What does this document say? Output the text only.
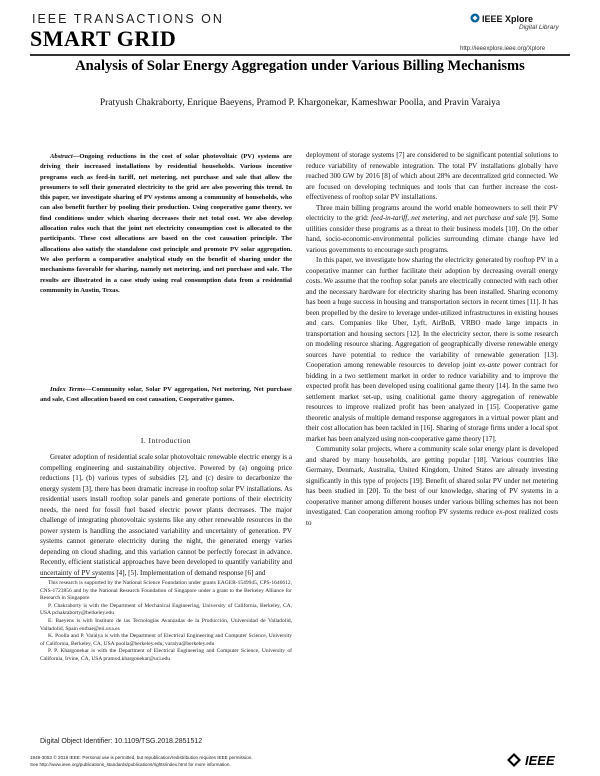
IEEE TRANSACTIONS ON
SMART GRID
IEEE Xplore
Digital Library
http://ieeexplore.ieee.org/Xplore
Analysis of Solar Energy Aggregation under Various Billing Mechanisms
Pratyush Chakraborty, Enrique Baeyens, Pramod P. Khargonekar, Kameshwar Poolla, and Pravin Varaiya
Abstract—Ongoing reductions in the cost of solar photovoltaic (PV) systems are driving their increased installations by residential households. Various incentive programs such as feed-in tariff, net metering, net purchase and sale that allow the prosumers to sell their generated electricity to the grid are also powering this trend. In this paper, we investigate sharing of PV systems among a community of households, who can also benefit further by pooling their production. Using cooperative game theory, we find conditions under which sharing decreases their net total cost. We also develop allocation rules such that the joint net electricity consumption cost is allocated to the participants. These cost allocations are based on the cost causation principle. The allocations also satisfy the standalone cost principle and promote PV solar aggregation. We also perform a comparative analytical study on the benefit of sharing under the mechanisms favorable for sharing, namely net metering, and net purchase and sale. The results are illustrated in a case study using real consumption data from a residential community in Austin, Texas.
Index Terms—Community solar, Solar PV aggregation, Net metering, Net purchase and sale, Cost allocation based on cost causation, Cooperative games.
I. Introduction

Greater adoption of residential scale solar photovoltaic renewable electric energy is a compelling engineering and sustainability objective. Powered by (a) ongoing price reductions [1], (b) various types of subsidies [2], and (c) desire to decarbonize the energy system [3], there has been dramatic increase in rooftop solar PV installations. As residential users install rooftop solar panels and generate portions of their electricity needs, the need for fossil fuel based electric power plants decreases. The major challenge of integrating photovoltaic systems like any other renewable resources in the power system is handling the associated variability and uncertainty of generation. PV systems cannot generate electricity during the night, the generated energy varies depending on cloud shading, and this variation cannot be perfectly forecast in advance. Recently, efficient statistical approaches have been developed to quantify variability and uncertainty of PV systems [4], [5]. Implementation of demand response [6] and

This research is supported by the National Science Foundation under grants EAGER-1549945, CPS-1646612, CNS-1723856 and by the National Research Foundation of Singapore under a grant to the Berkeley Alliance for Research in Singapore

P. Chakraborty is with the Department of Mechanical Engineering, University of California, Berkeley, CA, USA pchakraborty@berkeley.edu

E. Baeyens is with Instituto de las Tecnologías Avanzadas de la Producción, Universidad de Valladolid, Valladolid, Spain enrbae@eii.uva.es

K. Poolla and P. Varaiya is with the Department of Electrical Engineering and Computer Science, University of California, Berkeley, CA, USA poolla@berkeley.edu, varaiya@berkeley.edu

P. P. Khargonekar is with the Department of Electrical Engineering and Computer Science, University of California, Irvine, CA, USA pramod.khargonekar@uci.edu

Digital Object Identifier: 10.1109/TSG.2018.2851512

deployment of storage systems [7] are considered to be significant potential solutions to reduce variability of renewable integration. The total PV installations globally have reached 300 GW by 2016 [8] of which about 28% are decentralized grid connected. We are focused on developing techniques and tools that can further increase the cost-effectiveness of rooftop solar PV installations.

Three main billing programs around the world enable homeowners to sell their PV electricity to the grid: feed-in-tariff, net metering, and net purchase and sale [9]. Some utilities consider these programs as a threat to their business models [10]. On the other hand, socio-economic-environmental policies surrounding climate change have led various governments to encourage such programs.

In this paper, we investigate how sharing the electricity generated by rooftop PV in a cooperative manner can further facilitate their adoption by decreasing overall energy costs. We assume that the rooftop solar panels are electrically connected with each other and the necessary hardware for electricity sharing has been installed. Sharing economy has been a huge success in housing and transportation sectors in recent times [11]. It has been propelled by the desire to leverage under-utilized infrastructures in existing houses and cars. Companies like Uber, Lyft, AirBnB, VRBO made large impacts in transportation and housing sectors [12]. In the electricity sector, there is some research on modeling resource sharing. Aggregation of geographically diverse renewable energy sources have potential to reduce the variability of renewable generation [13]. Cooperation among renewable resources to develop joint ex-ante power contract for bidding in a two settlement market in order to reduce variability and to improve the expected profit has been developed using coalitional game theory [14]. In the same two settlement market set-up, using coalitional game theory aggregation of renewable resources to improve realized profit has been analyzed in [15]. Cooperative game theoretic analysis of multiple demand response aggregators in a virtual power plant and their cost allocation has been tackled in [16]. Sharing of storage firms under a local spot market has been analyzed using non-cooperative game theory [17].

Community solar projects, where a community scale solar energy plant is developed and shared by many households, are getting popular [18]. Various countries like Germany, Denmark, Australia, United Kingdom, United States are already investing significantly in this type of projects [19]. Benefit of shared solar PV under net metering has been studied in [20]. To the best of our knowledge, sharing of PV systems in a cooperative manner among different houses under various billing schemes has not been investigated. Can cooperation among rooftop PV systems reduce ex-post realized costs to

1949-3053 © 2018 IEEE. Personal use is permitted, but republication/redistribution requires IEEE permission.
See http://www.ieee.org/publications_standards/publications/rights/index.html for more information.	IEEE
